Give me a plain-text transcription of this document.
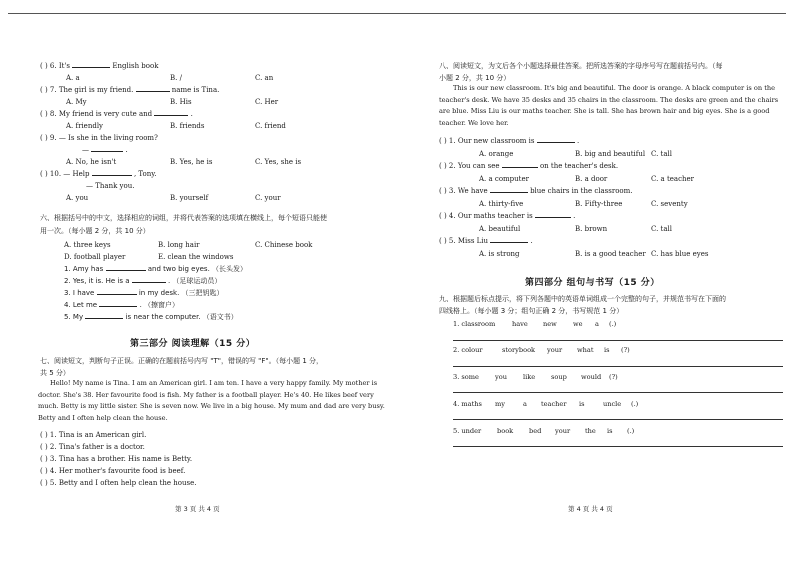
( ) 6. It's	English book
A. a	B. /	C. an
( ) 7. The girl is my friend.	name is Tina.
A. My	B. His	C. Her
( ) 8. My friend is very cute and	.
A. friendly	B. friends	C. friend
( ) 9. — Is she in the living room?
—	.
A. No, he isn't	B. Yes, he is	C. Yes, she is
( ) 10. — Help	, Tony.
— Thank you.
A. you	B. yourself	C. your
六、根据括号中的中文，选择相应的词组，并将代表答案的选项填在横线上，每个短语只能使
用一次。（每小题 2 分，共 10 分）
A. three keys	B. long hair	C. Chinese book
D. football player	E. clean the windows
1. Amy has	and two big eyes. （长头发）
2. Yes, it is. He is a	. （足球运动员）
3. I have	in my desk. （三把钥匙）
4. Let me	. （擦窗户）
5. My	is near the computer. （语文书）
第三部分 阅读理解（15 分）
七、阅读短文，判断句子正误。正确的在题前括号内写 "T"，错误的写 "F"。（每小题 1 分，
共 5 分）
Hello! My name is Tina. I am an American girl. I am ten. I have a very happy family. My mother is doctor. She's 38. Her favourite food is fish. My father is a football player. He's 40. He likes beef very much. Betty is my little sister. She is seven now. We live in a big house. My mum and dad are very busy. Betty and I often help clean the house.
( ) 1. Tina is an American girl.
( ) 2. Tina's father is a doctor.
( ) 3. Tina has a brother. His name is Betty.
( ) 4. Her mother's favourite food is beef.
( ) 5. Betty and I often help clean the house.
第 3 页 共 4 页
八、阅读短文，为文后各个小题选择最佳答案。把所选答案的字母序号写在题前括号内。（每
小题 2 分，共 10 分）
This is our new classroom. It's big and beautiful. The door is orange. A black computer is on the teacher's desk. We have 35 desks and 35 chairs in the classroom. The desks are green and the chairs are blue. Miss Liu is our maths teacher. She is tall. She has brown hair and big eyes. She is a good teacher. We love her.
( ) 1. Our new classroom is	.
A. orange	B. big and beautiful C. tall
( ) 2. You can see	on the teacher's desk.
A. a computer	B. a door	C. a teacher
( ) 3. We have	blue chairs in the classroom.
A. thirty-five	B. Fifty-three	C. seventy
( ) 4. Our maths teacher is	.
A. beautiful	B. brown	C. tall
( ) 5. Miss Liu	.
A. is strong	B. is a good teacher C. has blue eyes
第四部分 组句与书写（15 分）
九、根据题后标点提示，将下列各题中的英语单词组成一个完整的句子，并规范书写在下面的
四线格上。（每小题 3 分；组句正确 2 分，书写规范 1 分）
1. classroom	have new we a (.)
2. colour	storybook your what is (?)
3. some you like soup would (?)
4. maths my	a teacher is	uncle (.)
5. under book bed your the is (.)
第 4 页 共 4 页
